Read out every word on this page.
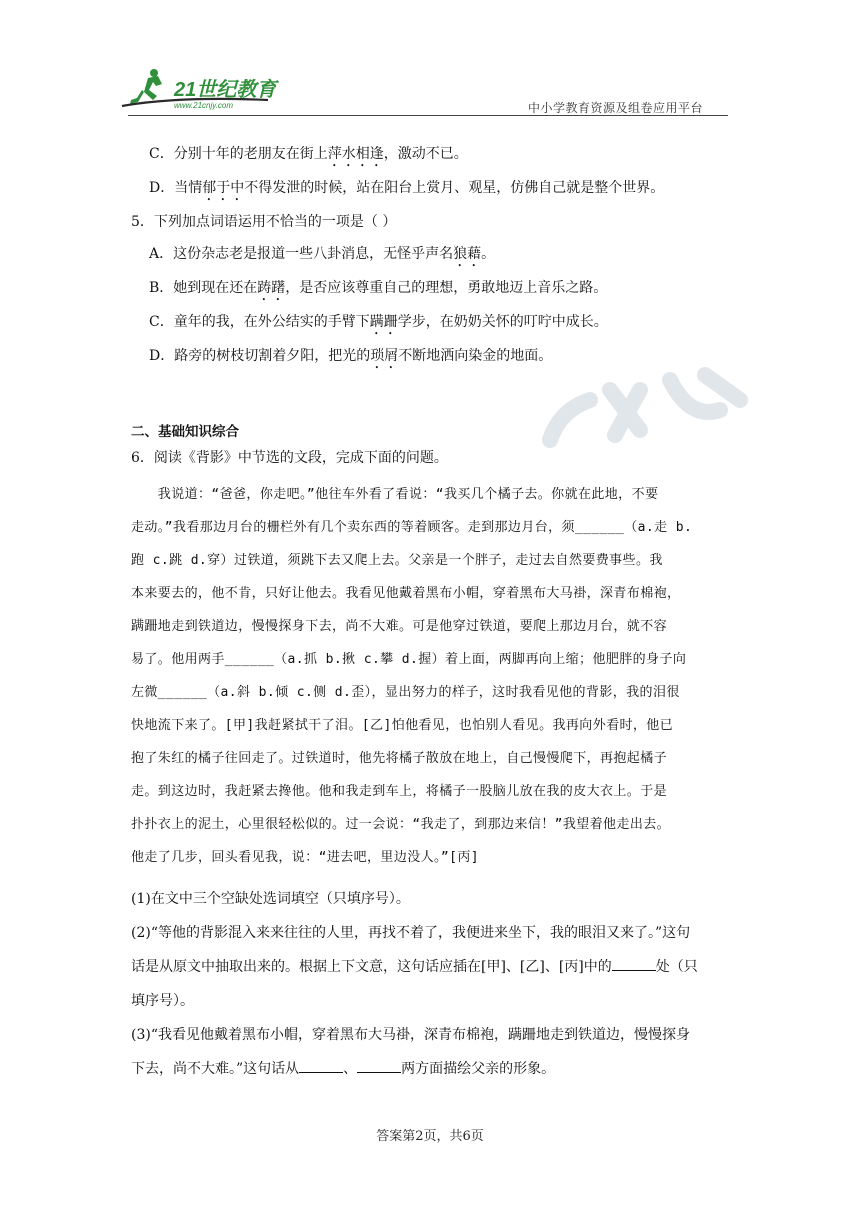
21世纪教育
www.21cnjy.com	中小学教育资源及组卷应用平台
C．分别十年的老朋友在街上萍水相逢，激动不已。
D．当情郁于中不得发泄的时候，站在阳台上赏月、观星，仿佛自己就是整个世界。
5．下列加点词语运用不恰当的一项是（ ）
A．这份杂志老是报道一些八卦消息，无怪乎声名狼藉。
B．她到现在还在踌躇，是否应该尊重自己的理想，勇敢地迈上音乐之路。
C．童年的我，在外公结实的手臂下蹒跚学步，在奶奶关怀的叮咛中成长。
D．路旁的树枝切割着夕阳，把光的琐屑不断地洒向染金的地面。
二、基础知识综合
6．阅读《背影》中节选的文段，完成下面的问题。
　　我说道：“爸爸，你走吧。”他往车外看了看说：“我买几个橘子去。你就在此地，不要
走动。”我看那边月台的栅栏外有几个卖东西的等着顾客。走到那边月台，须______（a.走 b.
跑 c.跳 d.穿）过铁道，须跳下去又爬上去。父亲是一个胖子，走过去自然要费事些。我
本来要去的，他不肯，只好让他去。我看见他戴着黑布小帽，穿着黑布大马褂，深青布棉袍，
蹒跚地走到铁道边，慢慢探身下去，尚不大难。可是他穿过铁道，要爬上那边月台，就不容
易了。他用两手______（a.抓 b.揪 c.攀 d.握）着上面，两脚再向上缩；他肥胖的身子向
左微______（a.斜 b.倾 c.侧 d.歪），显出努力的样子，这时我看见他的背影，我的泪很
快地流下来了。[甲]我赶紧拭干了泪。[乙]怕他看见，也怕别人看见。我再向外看时，他已
抱了朱红的橘子往回走了。过铁道时，他先将橘子散放在地上，自己慢慢爬下，再抱起橘子
走。到这边时，我赶紧去搀他。他和我走到车上，将橘子一股脑儿放在我的皮大衣上。于是
扑扑衣上的泥土，心里很轻松似的。过一会说：“我走了，到那边来信！”我望着他走出去。
他走了几步，回头看见我，说：“进去吧，里边没人。”[丙]
(1)在文中三个空缺处选词填空（只填序号）。
(2)“等他的背影混入来来往往的人里，再找不着了，我便进来坐下，我的眼泪又来了。”这句
话是从原文中抽取出来的。根据上下文意，这句话应插在[甲]、[乙]、[丙]中的	处（只
填序号）。
(3)“我看见他戴着黑布小帽，穿着黑布大马褂，深青布棉袍，蹒跚地走到铁道边，慢慢探身
下去，尚不大难。”这句话从	、	两方面描绘父亲的形象。
答案第2页，共6页
